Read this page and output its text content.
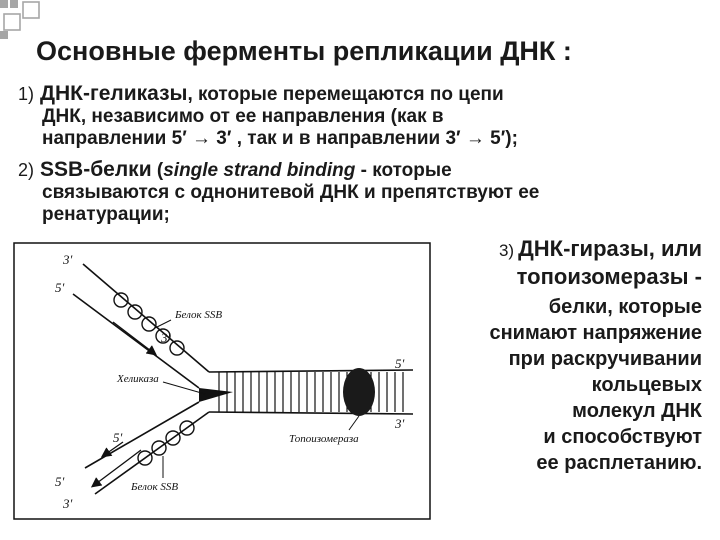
Основные ферменты репликации ДНК :
1) ДНК-геликазы, которые перемещаются по цепи
ДНК, независимо от ее направления (как в
направлении 5′ → 3′ , так и в направлении 3′ → 5′);
2) SSB-белки (single strand binding - которые
связываются с однонитевой ДНК и препятствуют ее
ренатурации;
3) ДНК-гиразы, или
топоизомеразы -
белки, которые
снимают напряжение
при раскручивании
кольцевых
молекул ДНК
и способствуют
ее расплетанию.
3′
5′
3′
5′
5′
3′
5′
3′
Белок SSB
Хеликаза
Топоизомераза
Белок SSB
